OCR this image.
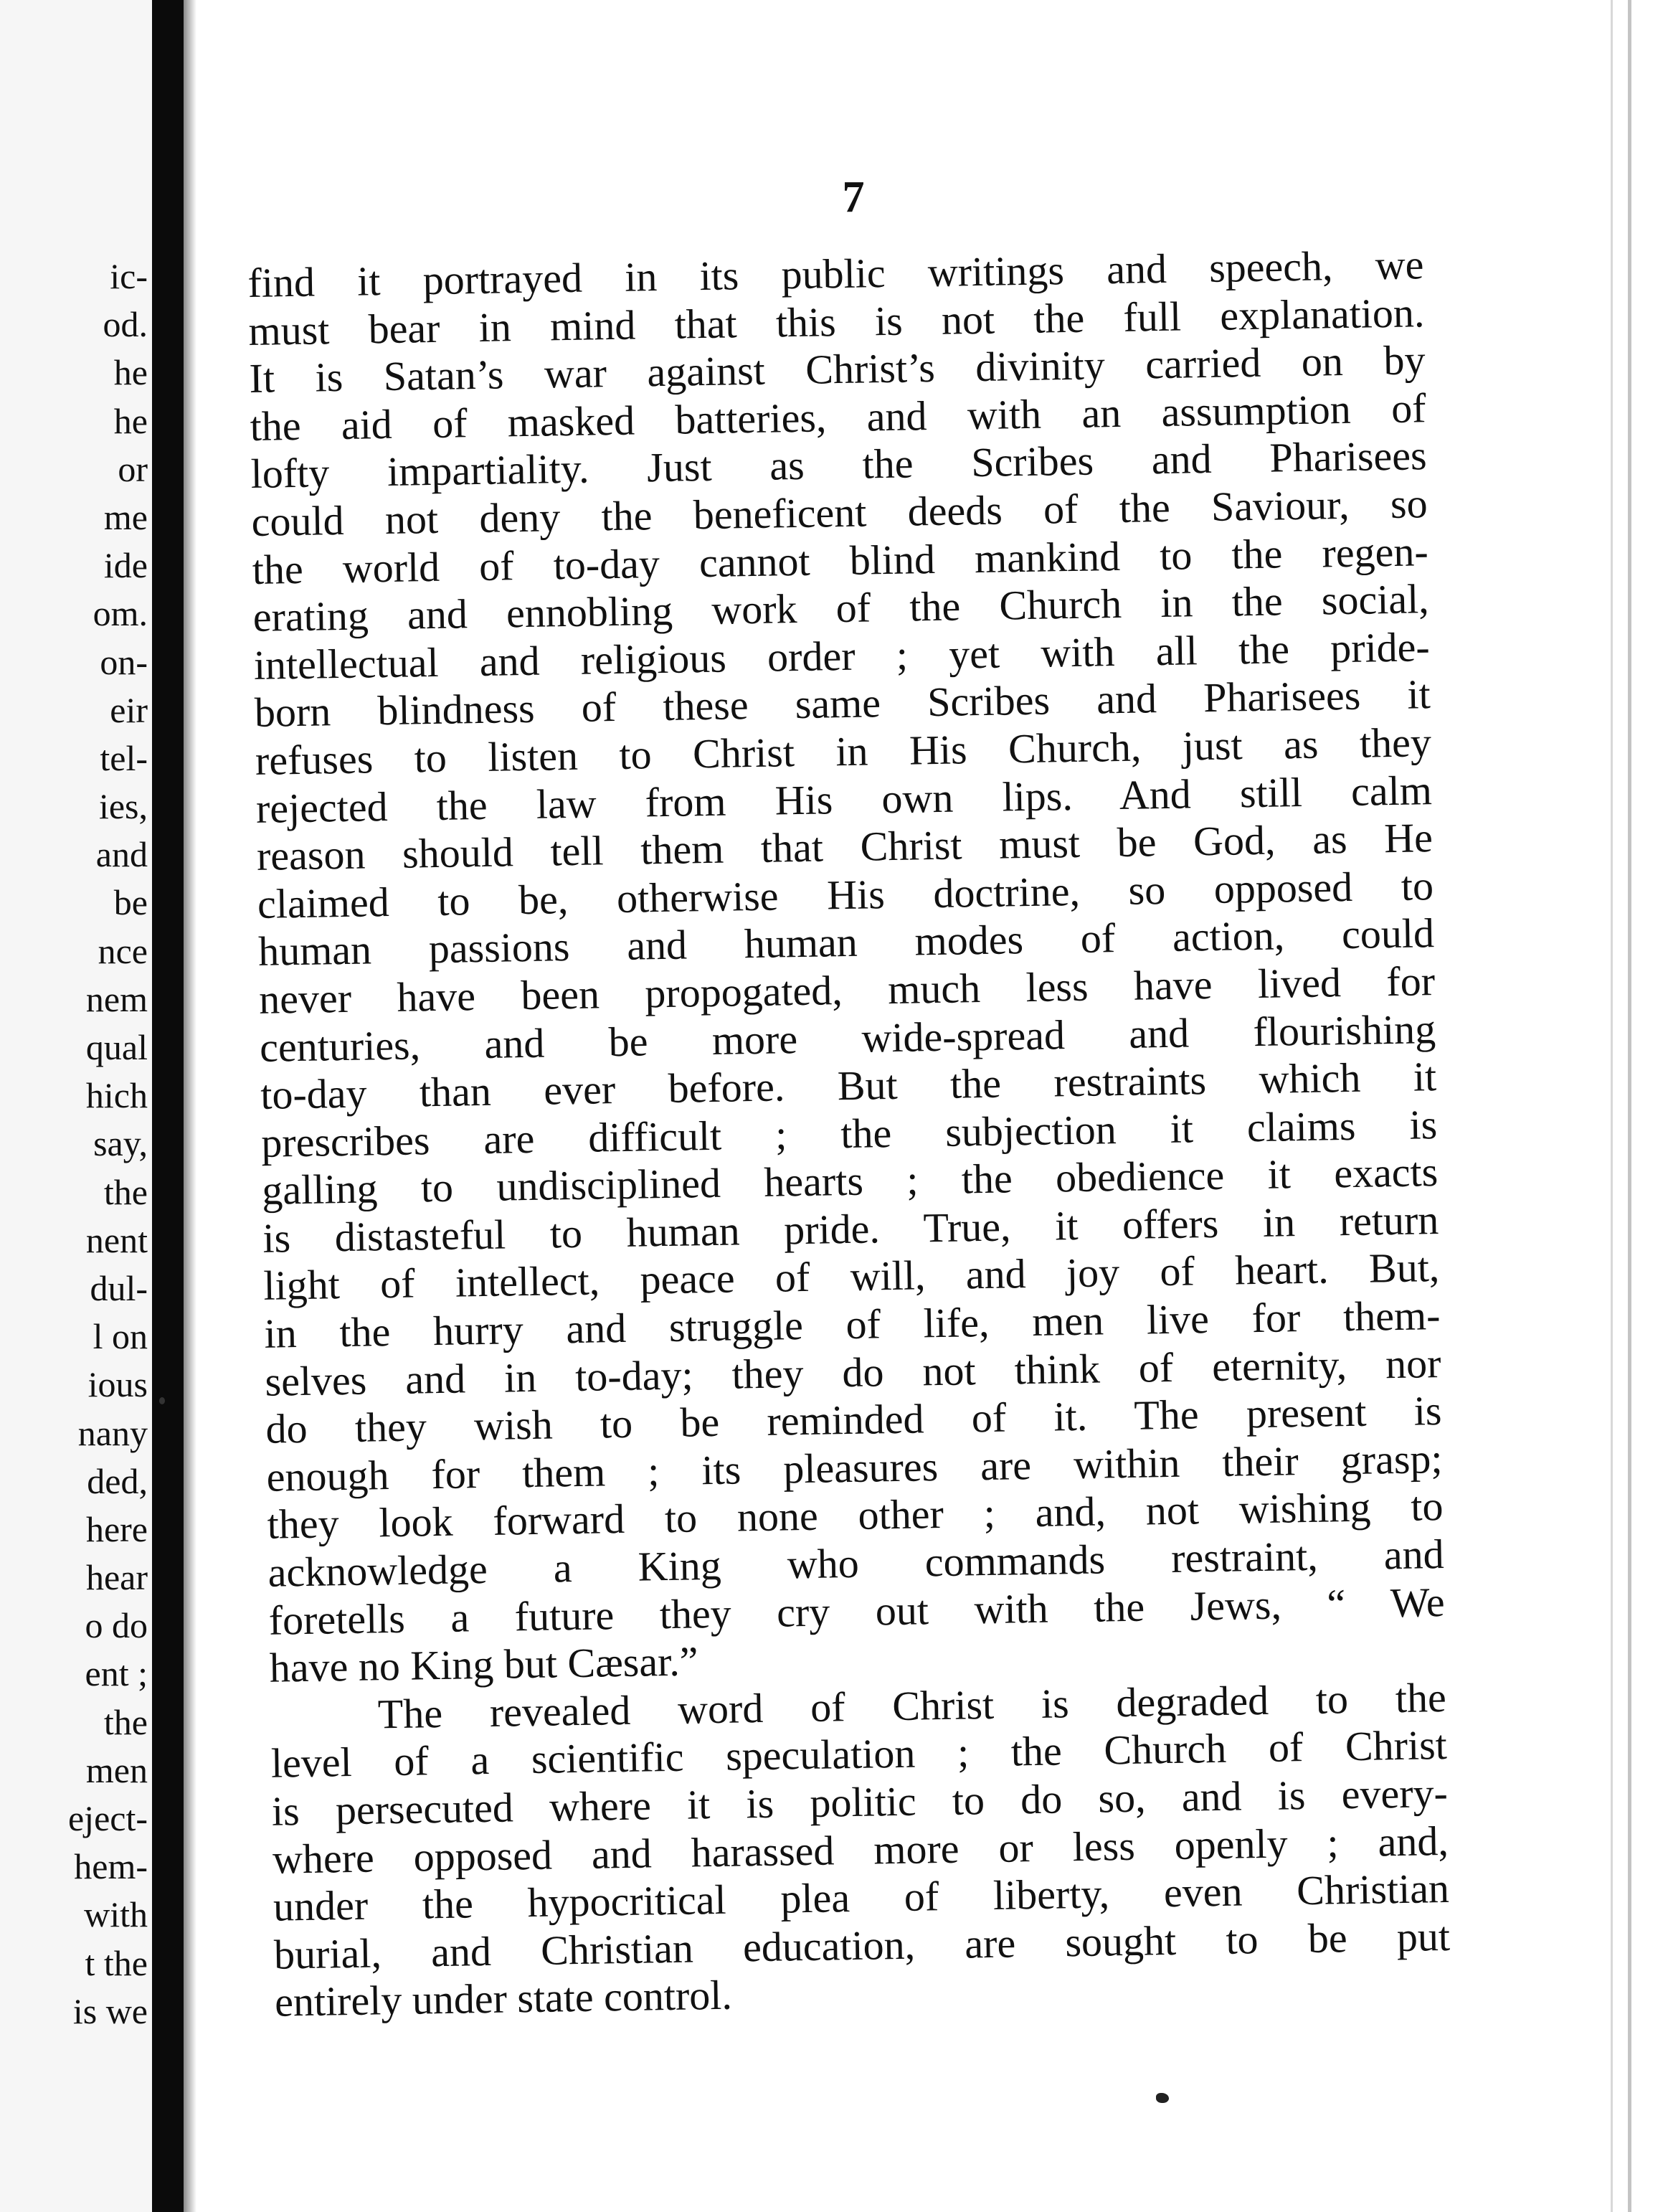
ic-
od.
he
he
or
me
ide
om.
on-
eir
tel-
ies,
and
be
nce
nem
qual
hich
say,
the
nent
dul-
l on
ious
nany
ded,
here
hear
o do
ent ;
the
men
eject-
hem-
with
t the
is we
7
find it portrayed in its public writings and speech, we
must bear in mind that this is not the full explanation.
It is Satan’s war against Christ’s divinity carried on by
the aid of masked batteries, and with an assumption of
lofty impartiality. Just as the Scribes and Pharisees
could not deny the beneficent deeds of the Saviour, so
the world of to-day cannot blind mankind to the regen-
erating and ennobling work of the Church in the social,
intellectual and religious order ; yet with all the pride-
born blindness of these same Scribes and Pharisees it
refuses to listen to Christ in His Church, just as they
rejected the law from His own lips. And still calm
reason should tell them that Christ must be God, as He
claimed to be, otherwise His doctrine, so opposed to
human passions and human modes of action, could
never have been propogated, much less have lived for
centuries, and be more wide-spread and flourishing
to-day than ever before. But the restraints which it
prescribes are difficult ; the subjection it claims is
galling to undisciplined hearts ; the obedience it exacts
is distasteful to human pride. True, it offers in return
light of intellect, peace of will, and joy of heart. But,
in the hurry and struggle of life, men live for them-
selves and in to-day; they do not think of eternity, nor
do they wish to be reminded of it. The present is
enough for them ; its pleasures are within their grasp;
they look forward to none other ; and, not wishing to
acknowledge a King who commands restraint, and
foretells a future they cry out with the Jews, “ We
have no King but Cæsar.”
The revealed word of Christ is degraded to the
level of a scientific speculation ; the Church of Christ
is persecuted where it is politic to do so, and is every-
where opposed and harassed more or less openly ; and,
under the hypocritical plea of liberty, even Christian
burial, and Christian education, are sought to be put
entirely under state control.
